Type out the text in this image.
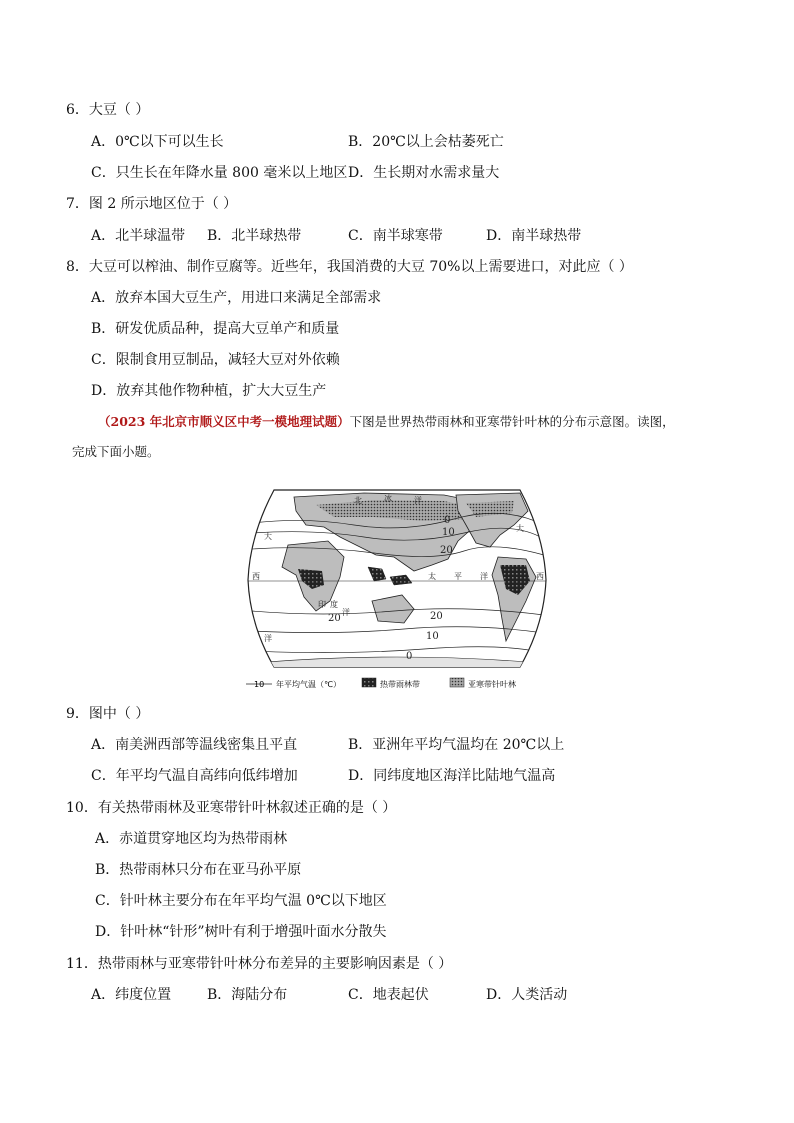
6．大豆（ ）
A．0℃以下可以生长	B．20℃以上会枯萎死亡
C．只生长在年降水量 800 毫米以上地区 D．生长期对水需求量大
7．图 2 所示地区位于（ ）
A．北半球温带 B．北半球热带	C．南半球寒带	D．南半球热带
8．大豆可以榨油、制作豆腐等。近些年，我国消费的大豆 70%以上需要进口，对此应（ ）
A．放弃本国大豆生产，用进口来满足全部需求
B．研发优质品种，提高大豆单产和质量
C．限制食用豆制品，减轻大豆对外依赖
D．放弃其他作物种植，扩大大豆生产
（2023 年北京市顺义区中考一模地理试题）下图是世界热带雨林和亚寒带针叶林的分布示意图。读图，
完成下面小题。
北	冰	洋
西	西
大
大
太 平 洋
印 度
洋
洋
0
10
20
20	20
10
0
10 年平均气温（℃）	热带雨林带	亚寒带针叶林
9．图中（ ）
A．南美洲西部等温线密集且平直	B．亚洲年平均气温均在 20℃以上
C．年平均气温自高纬向低纬增加	D．同纬度地区海洋比陆地气温高
10．有关热带雨林及亚寒带针叶林叙述正确的是（ ）
A．赤道贯穿地区均为热带雨林
B．热带雨林只分布在亚马孙平原
C．针叶林主要分布在年平均气温 0℃以下地区
D．针叶林“针形”树叶有利于增强叶面水分散失
11．热带雨林与亚寒带针叶林分布差异的主要影响因素是（ ）
A．纬度位置	B．海陆分布	C．地表起伏	D．人类活动
